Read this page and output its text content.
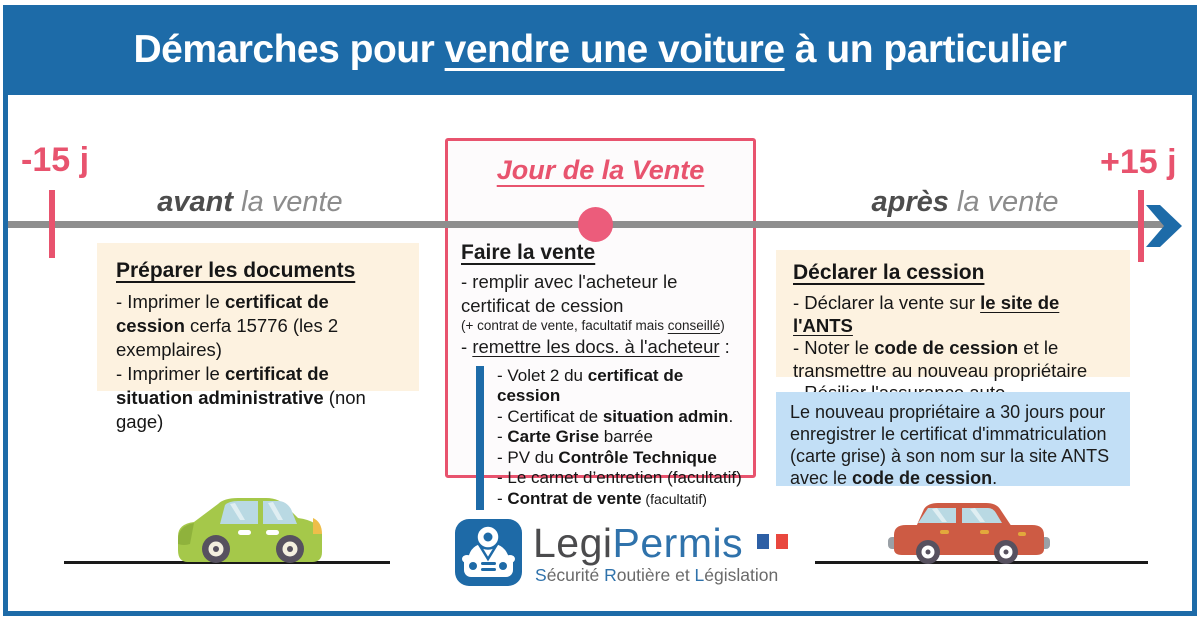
Démarches pour vendre une voiture à un particulier
-15 j	+15 j
avant la vente	après la vente
Préparer les documents
- Imprimer le certificat de cession cerfa 15776 (les 2 exemplaires)
- Imprimer le certificat de situation administrative (non gage)
Jour de la Vente
Faire la vente
- remplir avec l'acheteur le certificat de cession
(+ contrat de vente, facultatif mais conseillé)
- remettre les docs. à l'acheteur :
- Volet 2 du certificat de cession
- Certificat de situation admin.
- Carte Grise barrée
- PV du Contrôle Technique
- Le carnet d’entretien (facultatif)
- Contrat de vente (facultatif)
Déclarer la cession
- Déclarer la vente sur le site de l'ANTS
- Noter le code de cession et le transmettre au nouveau propriétaire

Le nouveau propriétaire a 30 jours pour enregistrer le certificat d'immatriculation (carte grise) à son nom sur la site ANTS avec le code de cession.
LegiPermis
Sécurité Routière et Législation
